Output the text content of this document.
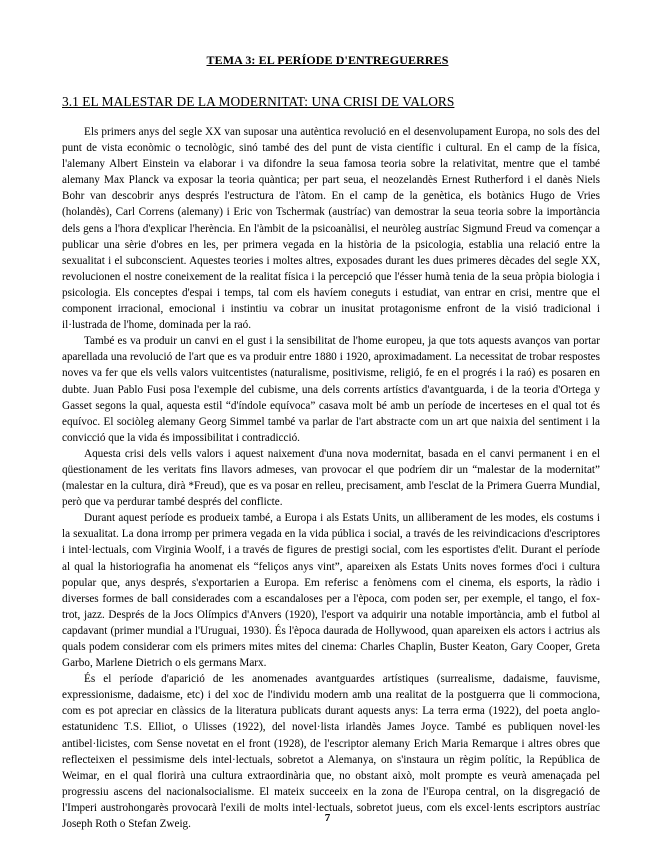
TEMA 3: EL PERÍODE D'ENTREGUERRES
3.1 EL MALESTAR DE LA MODERNITAT: UNA CRISI DE VALORS

Els primers anys del segle XX van suposar una autèntica revolució en el desenvolupament Europa, no sols des del punt de vista econòmic o tecnològic, sinó també des del punt de vista científic i cultural. En el camp de la física, l'alemany Albert Einstein va elaborar i va difondre la seua famosa teoria sobre la relativitat, mentre que el també alemany Max Planck va exposar la teoria quàntica; per part seua, el neozelandès Ernest Rutherford i el danès Niels Bohr van descobrir anys després l'estructura de l'àtom. En el camp de la genètica, els botànics Hugo de Vries (holandès), Carl Correns (alemany) i Eric von Tschermak (austríac) van demostrar la seua teoria sobre la importància dels gens a l'hora d'explicar l'herència. En l'àmbit de la psicoanàlisi, el neuròleg austríac Sigmund Freud va començar a publicar una sèrie d'obres en les, per primera vegada en la història de la psicologia, establia una relació entre la sexualitat i el subconscient. Aquestes teories i moltes altres, exposades durant les dues primeres dècades del segle XX, revolucionen el nostre coneixement de la realitat física i la percepció que l'ésser humà tenia de la seua pròpia biologia i psicologia. Els conceptes d'espai i temps, tal com els havíem coneguts i estudiat, van entrar en crisi, mentre que el component irracional, emocional i instintiu va cobrar un inusitat protagonisme enfront de la visió tradicional i il·lustrada de l'home, dominada per la raó.

També es va produir un canvi en el gust i la sensibilitat de l'home europeu, ja que tots aquests avanços van portar aparellada una revolució de l'art que es va produir entre 1880 i 1920, aproximadament. La necessitat de trobar respostes noves va fer que els vells valors vuitcentistes (naturalisme, positivisme, religió, fe en el progrés i la raó) es posaren en dubte. Juan Pablo Fusi posa l'exemple del cubisme, una dels corrents artístics d'avantguarda, i de la teoria d'Ortega y Gasset segons la qual, aquesta estil “d'índole equívoca” casava molt bé amb un període de incerteses en el qual tot és equívoc. El sociòleg alemany Georg Simmel també va parlar de l'art abstracte com un art que naixia del sentiment i la convicció que la vida és impossibilitat i contradicció.

Aquesta crisi dels vells valors i aquest naixement d'una nova modernitat, basada en el canvi permanent i en el qüestionament de les veritats fins llavors admeses, van provocar el que podríem dir un “malestar de la modernitat” (malestar en la cultura, dirà *Freud), que es va posar en relleu, precisament, amb l'esclat de la Primera Guerra Mundial, però que va perdurar també després del conflicte.

Durant aquest període es produeix també, a Europa i als Estats Units, un alliberament de les modes, els costums i la sexualitat. La dona irromp per primera vegada en la vida pública i social, a través de les reivindicacions d'escriptores i intel·lectuals, com Virginia Woolf, i a través de figures de prestigi social, com les esportistes d'elit. Durant el període al qual la historiografia ha anomenat els “feliços anys vint”, apareixen als Estats Units noves formes d'oci i cultura popular que, anys després, s'exportarien a Europa. Em referisc a fenòmens com el cinema, els esports, la ràdio i diverses formes de ball considerades com a escandaloses per a l'època, com poden ser, per exemple, el tango, el fox-trot, jazz. Després de la Jocs Olímpics d'Anvers (1920), l'esport va adquirir una notable importància, amb el futbol al capdavant (primer mundial a l'Uruguai, 1930). És l'època daurada de Hollywood, quan apareixen els actors i actrius als quals podem considerar com els primers mites mites del cinema: Charles Chaplin, Buster Keaton, Gary Cooper, Greta Garbo, Marlene Dietrich o els germans Marx.

És el període d'aparició de les anomenades avantguardes artístiques (surrealisme, dadaisme, fauvisme, expressionisme, dadaisme, etc) i del xoc de l'individu modern amb una realitat de la postguerra que li commociona, com es pot apreciar en clàssics de la literatura publicats durant aquests anys: La terra erma (1922), del poeta anglo-estatunidenc T.S. Elliot, o Ulisses (1922), del novel·lista irlandès James Joyce. També es publiquen novel·les antibel·licistes, com Sense novetat en el front (1928), de l'escriptor alemany Erich Maria Remarque i altres obres que reflecteixen el pessimisme dels intel·lectuals, sobretot a Alemanya, on s'instaura un règim polític, la República de Weimar, en el qual florirà una cultura extraordinària que, no obstant això, molt prompte es veurà amenaçada pel progressiu ascens del nacionalsocialisme. El mateix succeeix en la zona de l'Europa central, on la disgregació de l'Imperi austrohongarès provocarà l'exili de molts intel·lectuals, sobretot jueus, com els excel·lents escriptors austríac Joseph Roth o Stefan Zweig.

7
